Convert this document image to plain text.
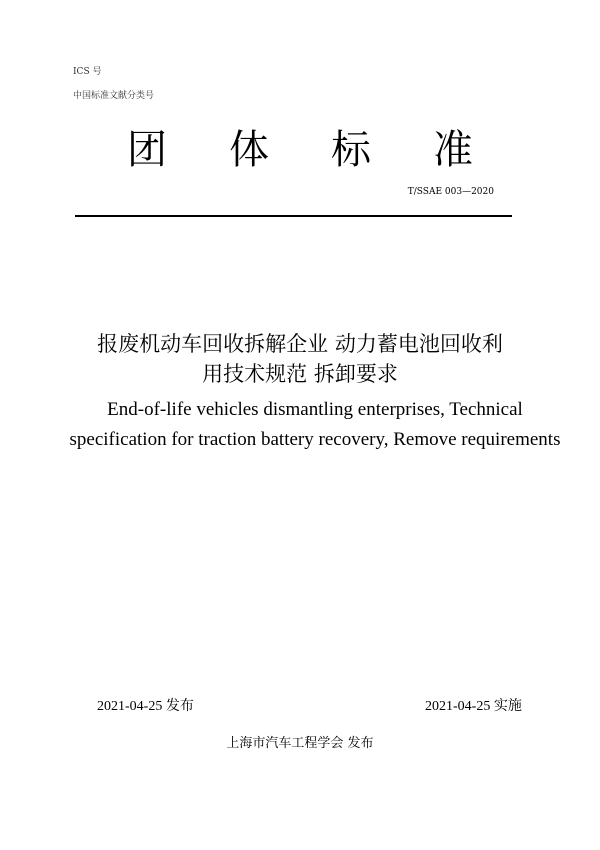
ICS 号
中国标准文献分类号
团体标准
T/SSAE 003—2020
报废机动车回收拆解企业 动力蓄电池回收利
用技术规范 拆卸要求
End-of-life vehicles dismantling enterprises, Technical
specification for traction battery recovery, Remove requirements
2021-04-25 发布	2021-04-25 实施
上海市汽车工程学会 发布
